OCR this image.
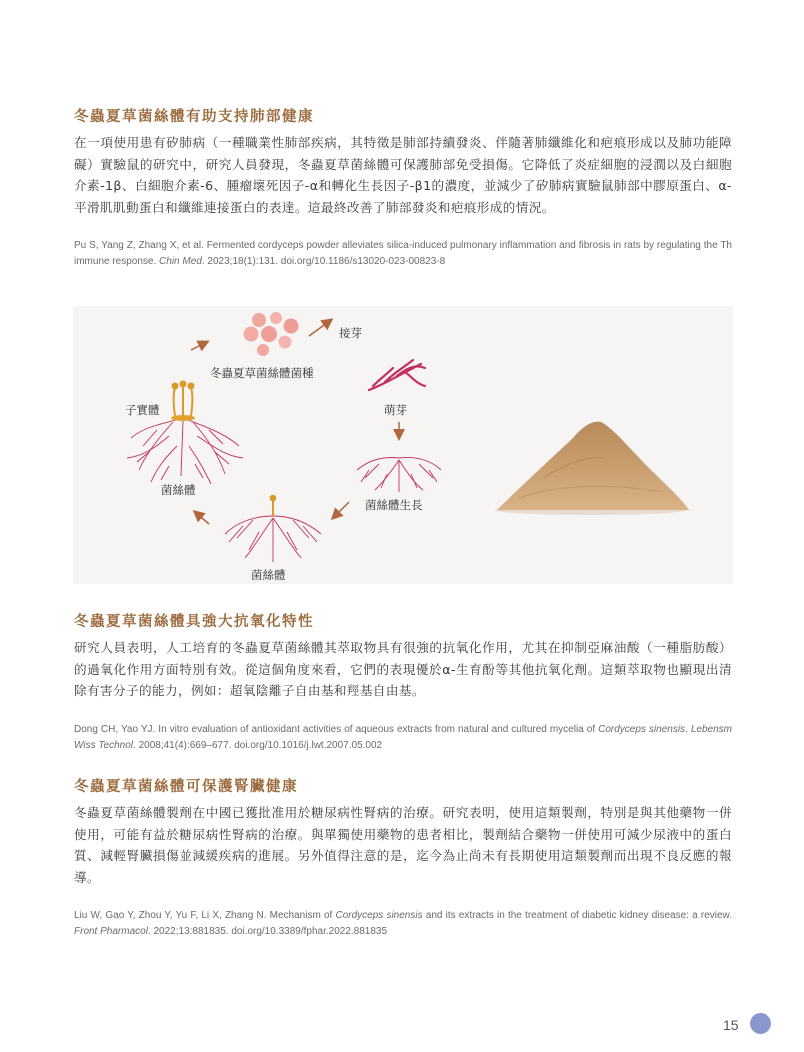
冬蟲夏草菌絲體有助支持肺部健康

在一項使用患有矽肺病（一種職業性肺部疾病，其特徵是肺部持續發炎、伴隨著肺纖維化和疤痕形成以及肺功能障礙）實驗鼠的研究中，研究人員發現，冬蟲夏草菌絲體可保護肺部免受損傷。它降低了炎症細胞的浸潤以及白細胞介素-1β、白細胞介素-6、腫瘤壞死因子-α和轉化生長因子-β1的濃度，並減少了矽肺病實驗鼠肺部中膠原蛋白、α-平滑肌肌動蛋白和纖維連接蛋白的表達。這最終改善了肺部發炎和疤痕形成的情況。

Pu S, Yang Z, Zhang X, et al. Fermented cordyceps powder alleviates silica-induced pulmonary inflammation and fibrosis in rats by regulating the Th immune response. Chin Med. 2023;18(1):131. doi.org/10.1186/s13020-023-00823-8

接芽
冬蟲夏草菌絲體菌種
子實體	萌芽
菌絲體
菌絲體生長
菌絲體
冬蟲夏草菌絲體具強大抗氧化特性

研究人員表明，人工培育的冬蟲夏草菌絲體其萃取物具有很強的抗氧化作用，尤其在抑制亞麻油酸（一種脂肪酸）的過氧化作用方面特別有效。從這個角度來看，它們的表現優於α-生育酚等其他抗氧化劑。這類萃取物也顯現出清除有害分子的能力，例如：超氧陰離子自由基和羥基自由基。

Dong CH, Yao YJ. In vitro evaluation of antioxidant activities of aqueous extracts from natural and cultured mycelia of Cordyceps sinensis. Lebensm Wiss Technol. 2008;41(4):669–677. doi.org/10.1016/j.lwt.2007.05.002

冬蟲夏草菌絲體可保護腎臟健康

冬蟲夏草菌絲體製劑在中國已獲批准用於糖尿病性腎病的治療。研究表明，使用這類製劑，特別是與其他藥物一併使用，可能有益於糖尿病性腎病的治療。與單獨使用藥物的患者相比，製劑結合藥物一併使用可減少尿液中的蛋白質、減輕腎臟損傷並減緩疾病的進展。另外值得注意的是，迄今為止尚未有長期使用這類製劑而出現不良反應的報導。

Liu W, Gao Y, Zhou Y, Yu F, Li X, Zhang N. Mechanism of Cordyceps sinensis and its extracts in the treatment of diabetic kidney disease: a review. Front Pharmacol. 2022;13:881835. doi.org/10.3389/fphar.2022.881835

15
